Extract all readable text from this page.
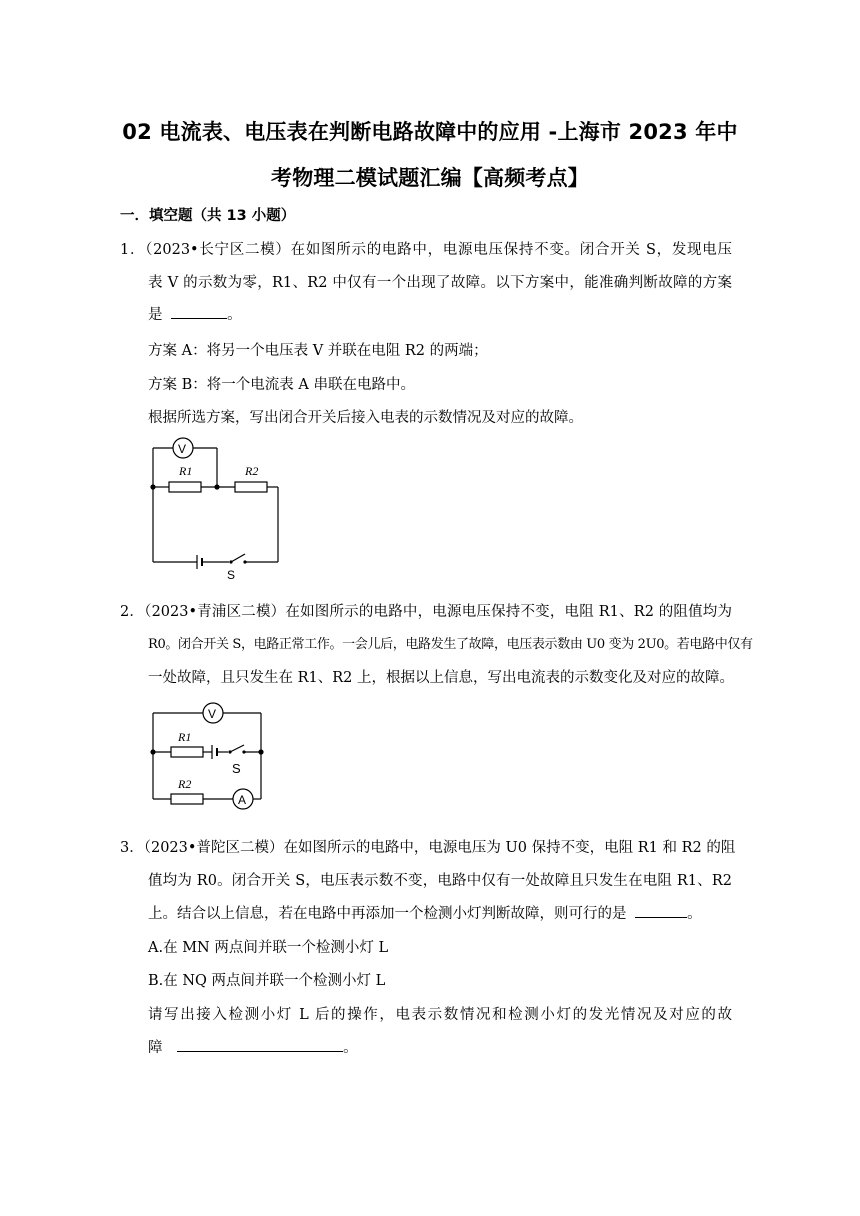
02 电流表、电压表在判断电路故障中的应用 -上海市 2023 年中
考物理二模试题汇编【高频考点】
一．填空题（共 13 小题）
1．（2023•长宁区二模）在如图所示的电路中，电源电压保持不变。闭合开关 S，发现电压
表 V 的示数为零，R1、R2 中仅有一个出现了故障。以下方案中，能准确判断故障的方案
是	。
方案 A：将另一个电压表 V 并联在电阻 R2 的两端；
方案 B：将一个电流表 A 串联在电路中。
根据所选方案，写出闭合开关后接入电表的示数情况及对应的故障。
V
R1	R2
S
2．（2023•青浦区二模）在如图所示的电路中，电源电压保持不变，电阻 R1、R2 的阻值均为
R0。闭合开关 S，电路正常工作。一会儿后，电路发生了故障，电压表示数由 U0 变为 2U0。若电路中仅有
一处故障，且只发生在 R1、R2 上，根据以上信息，写出电流表的示数变化及对应的故障。
V
R1
S
R2
A
3．（2023•普陀区二模）在如图所示的电路中，电源电压为 U0 保持不变，电阻 R1 和 R2 的阻
值均为 R0。闭合开关 S，电压表示数不变，电路中仅有一处故障且只发生在电阻 R1、R2
上。结合以上信息，若在电路中再添加一个检测小灯判断故障，则可行的是	。
A.在 MN 两点间并联一个检测小灯 L
B.在 NQ 两点间并联一个检测小灯 L
请写出接入检测小灯 L 后的操作，电表示数情况和检测小灯的发光情况及对应的故
障	。
